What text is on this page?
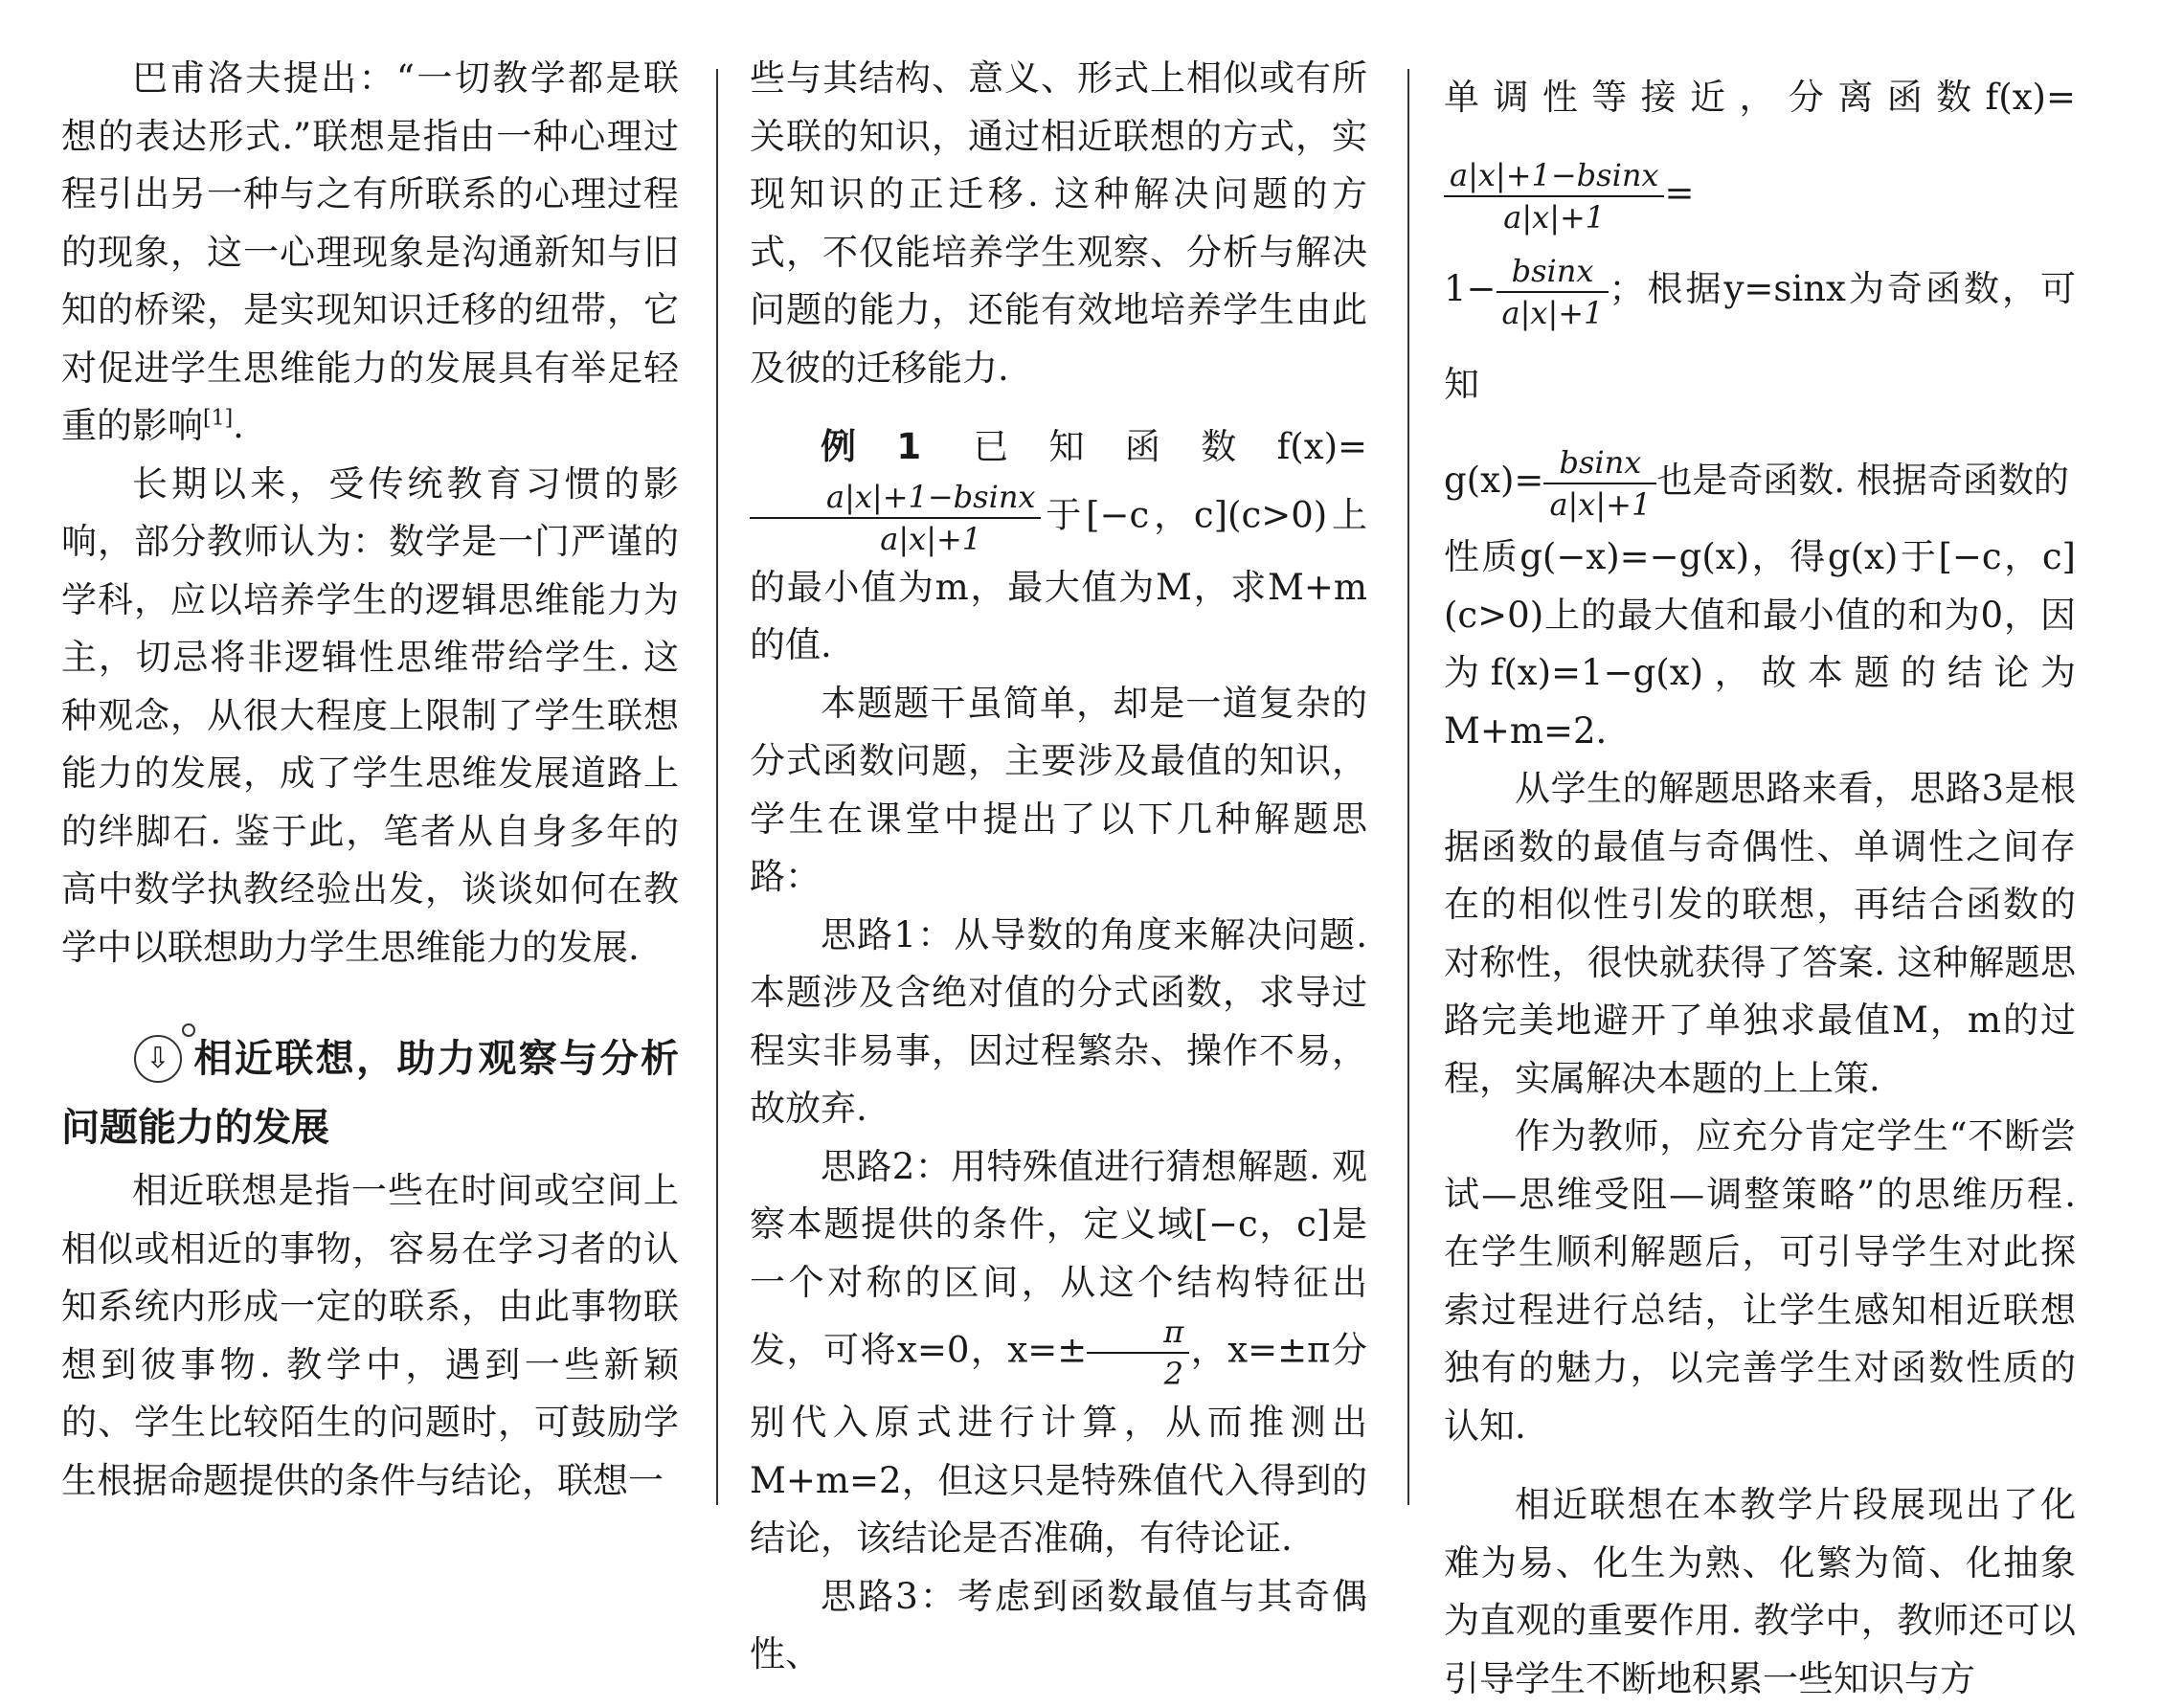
巴甫洛夫提出：“一切教学都是联想的表达形式.”联想是指由一种心理过程引出另一种与之有所联系的心理过程的现象，这一心理现象是沟通新知与旧知的桥梁，是实现知识迁移的纽带，它对促进学生思维能力的发展具有举足轻重的影响[1].

长期以来，受传统教育习惯的影响，部分教师认为：数学是一门严谨的学科，应以培养学生的逻辑思维能力为主，切忌将非逻辑性思维带给学生. 这种观念，从很大程度上限制了学生联想能力的发展，成了学生思维发展道路上的绊脚石. 鉴于此，笔者从自身多年的高中数学执教经验出发，谈谈如何在教学中以联想助力学生思维能力的发展.

⇩ 相近联想，助力观察与分析问题能力的发展

相近联想是指一些在时间或空间上相似或相近的事物，容易在学习者的认知系统内形成一定的联系，由此事物联想到彼事物. 教学中，遇到一些新颖的、学生比较陌生的问题时，可鼓励学生根据命题提供的条件与结论，联想一

些与其结构、意义、形式上相似或有所关联的知识，通过相近联想的方式，实现知识的正迁移. 这种解决问题的方式，不仅能培养学生观察、分析与解决问题的能力，还能有效地培养学生由此及彼的迁移能力.

例1 已知函数f(x)=
$\frac{a|x|+1-bsinx}{a|x|+1}$ 于[−c，c](c>0)上的最小值为m，最大值为M，求M+m的值.

本题题干虽简单，却是一道复杂的分式函数问题，主要涉及最值的知识，学生在课堂中提出了以下几种解题思路：

思路1：从导数的角度来解决问题. 本题涉及含绝对值的分式函数，求导过程实非易事，因过程繁杂、操作不易，故放弃.

思路2：用特殊值进行猜想解题. 观察本题提供的条件，定义域[−c，c]是一个对称的区间，从这个结构特征出发，可将x=0，$x=\pm \frac{\pi}{2}$ ，x=±π分别代入原式进行计算，从而推测出M+m=2，但这只是特殊值代入得到的结论，该结论是否准确，有待论证.

思路3：考虑到函数最值与其奇偶性、

单调性等接近，分离函数f(x)=
$\frac{a|x|+1-bsinx}{a|x|+1}$ =

$1- \frac{bsinx}{a|x|+1}$ ；根据y=sinx为奇函数，可知

$g(x)= \frac{bsinx}{a|x|+1}$ 也是奇函数. 根据奇函数的

性质g(−x)=−g(x)，得g(x)于[−c，c](c>0)上的最大值和最小值的和为0，因为f(x)=1−g(x)，故本题的结论为M+m=2.

从学生的解题思路来看，思路3是根据函数的最值与奇偶性、单调性之间存在的相似性引发的联想，再结合函数的对称性，很快就获得了答案. 这种解题思路完美地避开了单独求最值M，m的过程，实属解决本题的上上策.

作为教师，应充分肯定学生“不断尝试—思维受阻—调整策略”的思维历程. 在学生顺利解题后，可引导学生对此探索过程进行总结，让学生感知相近联想独有的魅力，以完善学生对函数性质的认知.

相近联想在本教学片段展现出了化难为易、化生为熟、化繁为简、化抽象为直观的重要作用. 教学中，教师还可以引导学生不断地积累一些知识与方
